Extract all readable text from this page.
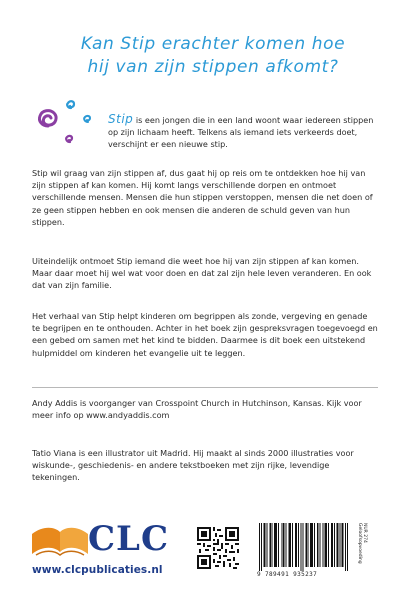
Kan Stip erachter komen hoe
hij van zijn stippen afkomt?
Stip is een jongen die in een land woont waar iedereen stippen op zijn lichaam heeft. Telkens als iemand iets verkeerds doet, verschijnt er een nieuwe stip.
Stip wil graag van zijn stippen af, dus gaat hij op reis om te ontdekken hoe hij van zijn stippen af kan komen. Hij komt langs verschillende dorpen en ontmoet verschillende mensen. Mensen die hun stippen verstoppen, mensen die net doen of ze geen stippen hebben en ook mensen die anderen de schuld geven van hun stippen.
Uiteindelijk ontmoet Stip iemand die weet hoe hij van zijn stippen af kan komen. Maar daar moet hij wel wat voor doen en dat zal zijn hele leven veranderen. En ook dat van zijn familie.
Het verhaal van Stip helpt kinderen om begrippen als zonde, vergeving en genade te begrijpen en te onthouden. Achter in het boek zijn gespreksvragen toegevoegd en een gebed om samen met het kind te bidden. Daarmee is dit boek een uitstekend hulpmiddel om kinderen het evangelie uit te leggen.
Andy Addis is voorganger van Crosspoint Church in Hutchinson, Kansas. Kijk voor meer info op www.andyaddis.com
Tatio Viana is een illustrator uit Madrid. Hij maakt al sinds 2000 illustraties voor wiskunde-, geschiedenis- en andere tekstboeken met zijn rijke, levendige tekeningen.
CLC
www.clcpublicaties.nl	9 789491 935237
NUR 274
Geloofsopvoeding
